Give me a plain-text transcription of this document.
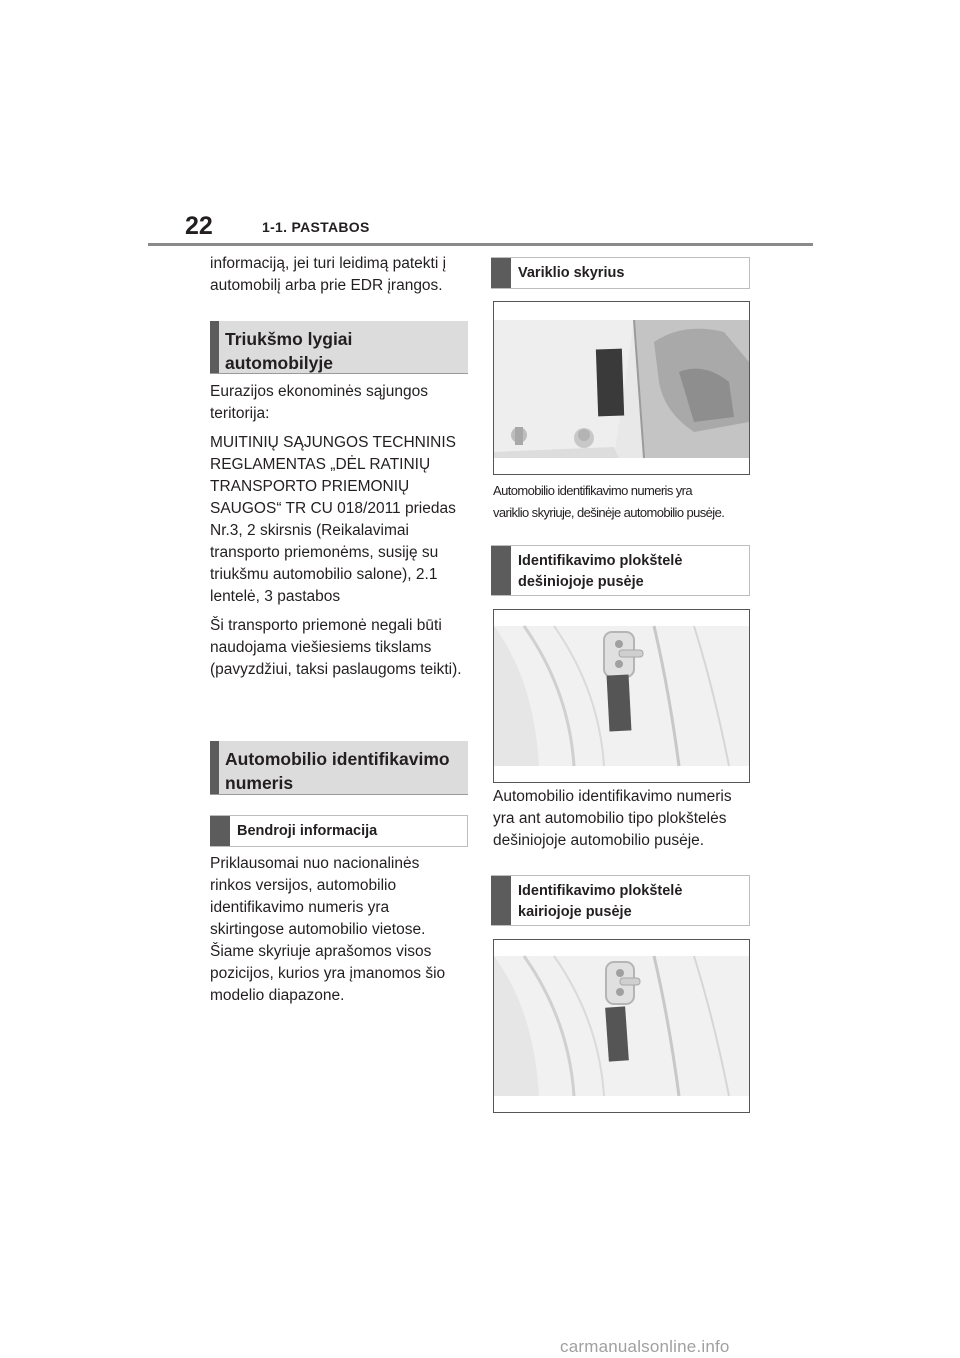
22	1-1. PASTABOS

informaciją, jei turi leidimą patekti į automobilį arba prie EDR įrangos.

Triukšmo lygiai automobilyje

Eurazijos ekonominės sąjungos teritorija:

MUITINIŲ SĄJUNGOS TECHNINIS REGLAMENTAS „DĖL RATINIŲ TRANSPORTO PRIEMONIŲ SAUGOS“ TR CU 018/2011 priedas Nr.3, 2 skirsnis (Reikalavimai transporto priemonėms, susiję su triukšmu automobilio salone), 2.1 lentelė, 3 pastabos

Ši transporto priemonė negali būti naudojama viešiesiems tikslams (pavyzdžiui, taksi paslaugoms teikti).

Automobilio identifikavimo numeris
Bendroji informacija

Priklausomai nuo nacionalinės rinkos versijos, automobilio identifikavimo numeris yra skirtingose automobilio vietose. Šiame skyriuje aprašomos visos pozicijos, kurios yra įmanomos šio modelio diapazone.

Variklio skyrius
Automobilio identifikavimo numeris yra
variklio skyriuje, dešinėje automobilio pusėje.
Identifikavimo plokštelė dešiniojoje pusėje

Automobilio identifikavimo numeris yra ant automobilio tipo plokštelės dešiniojoje automobilio pusėje.

Identifikavimo plokštelė kairiojoje pusėje
carmanualsonline.info
